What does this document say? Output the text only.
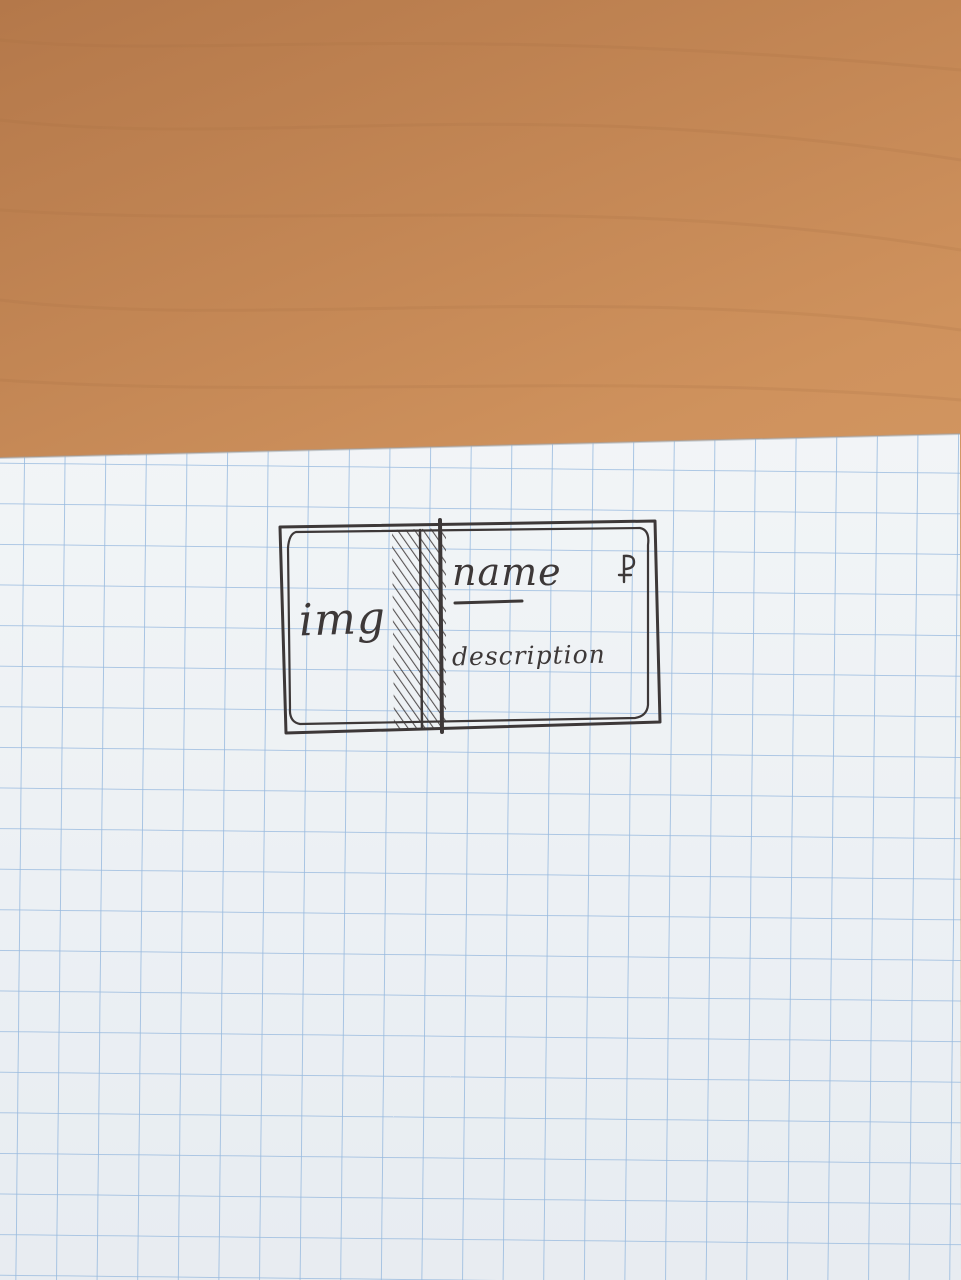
img
name
description
